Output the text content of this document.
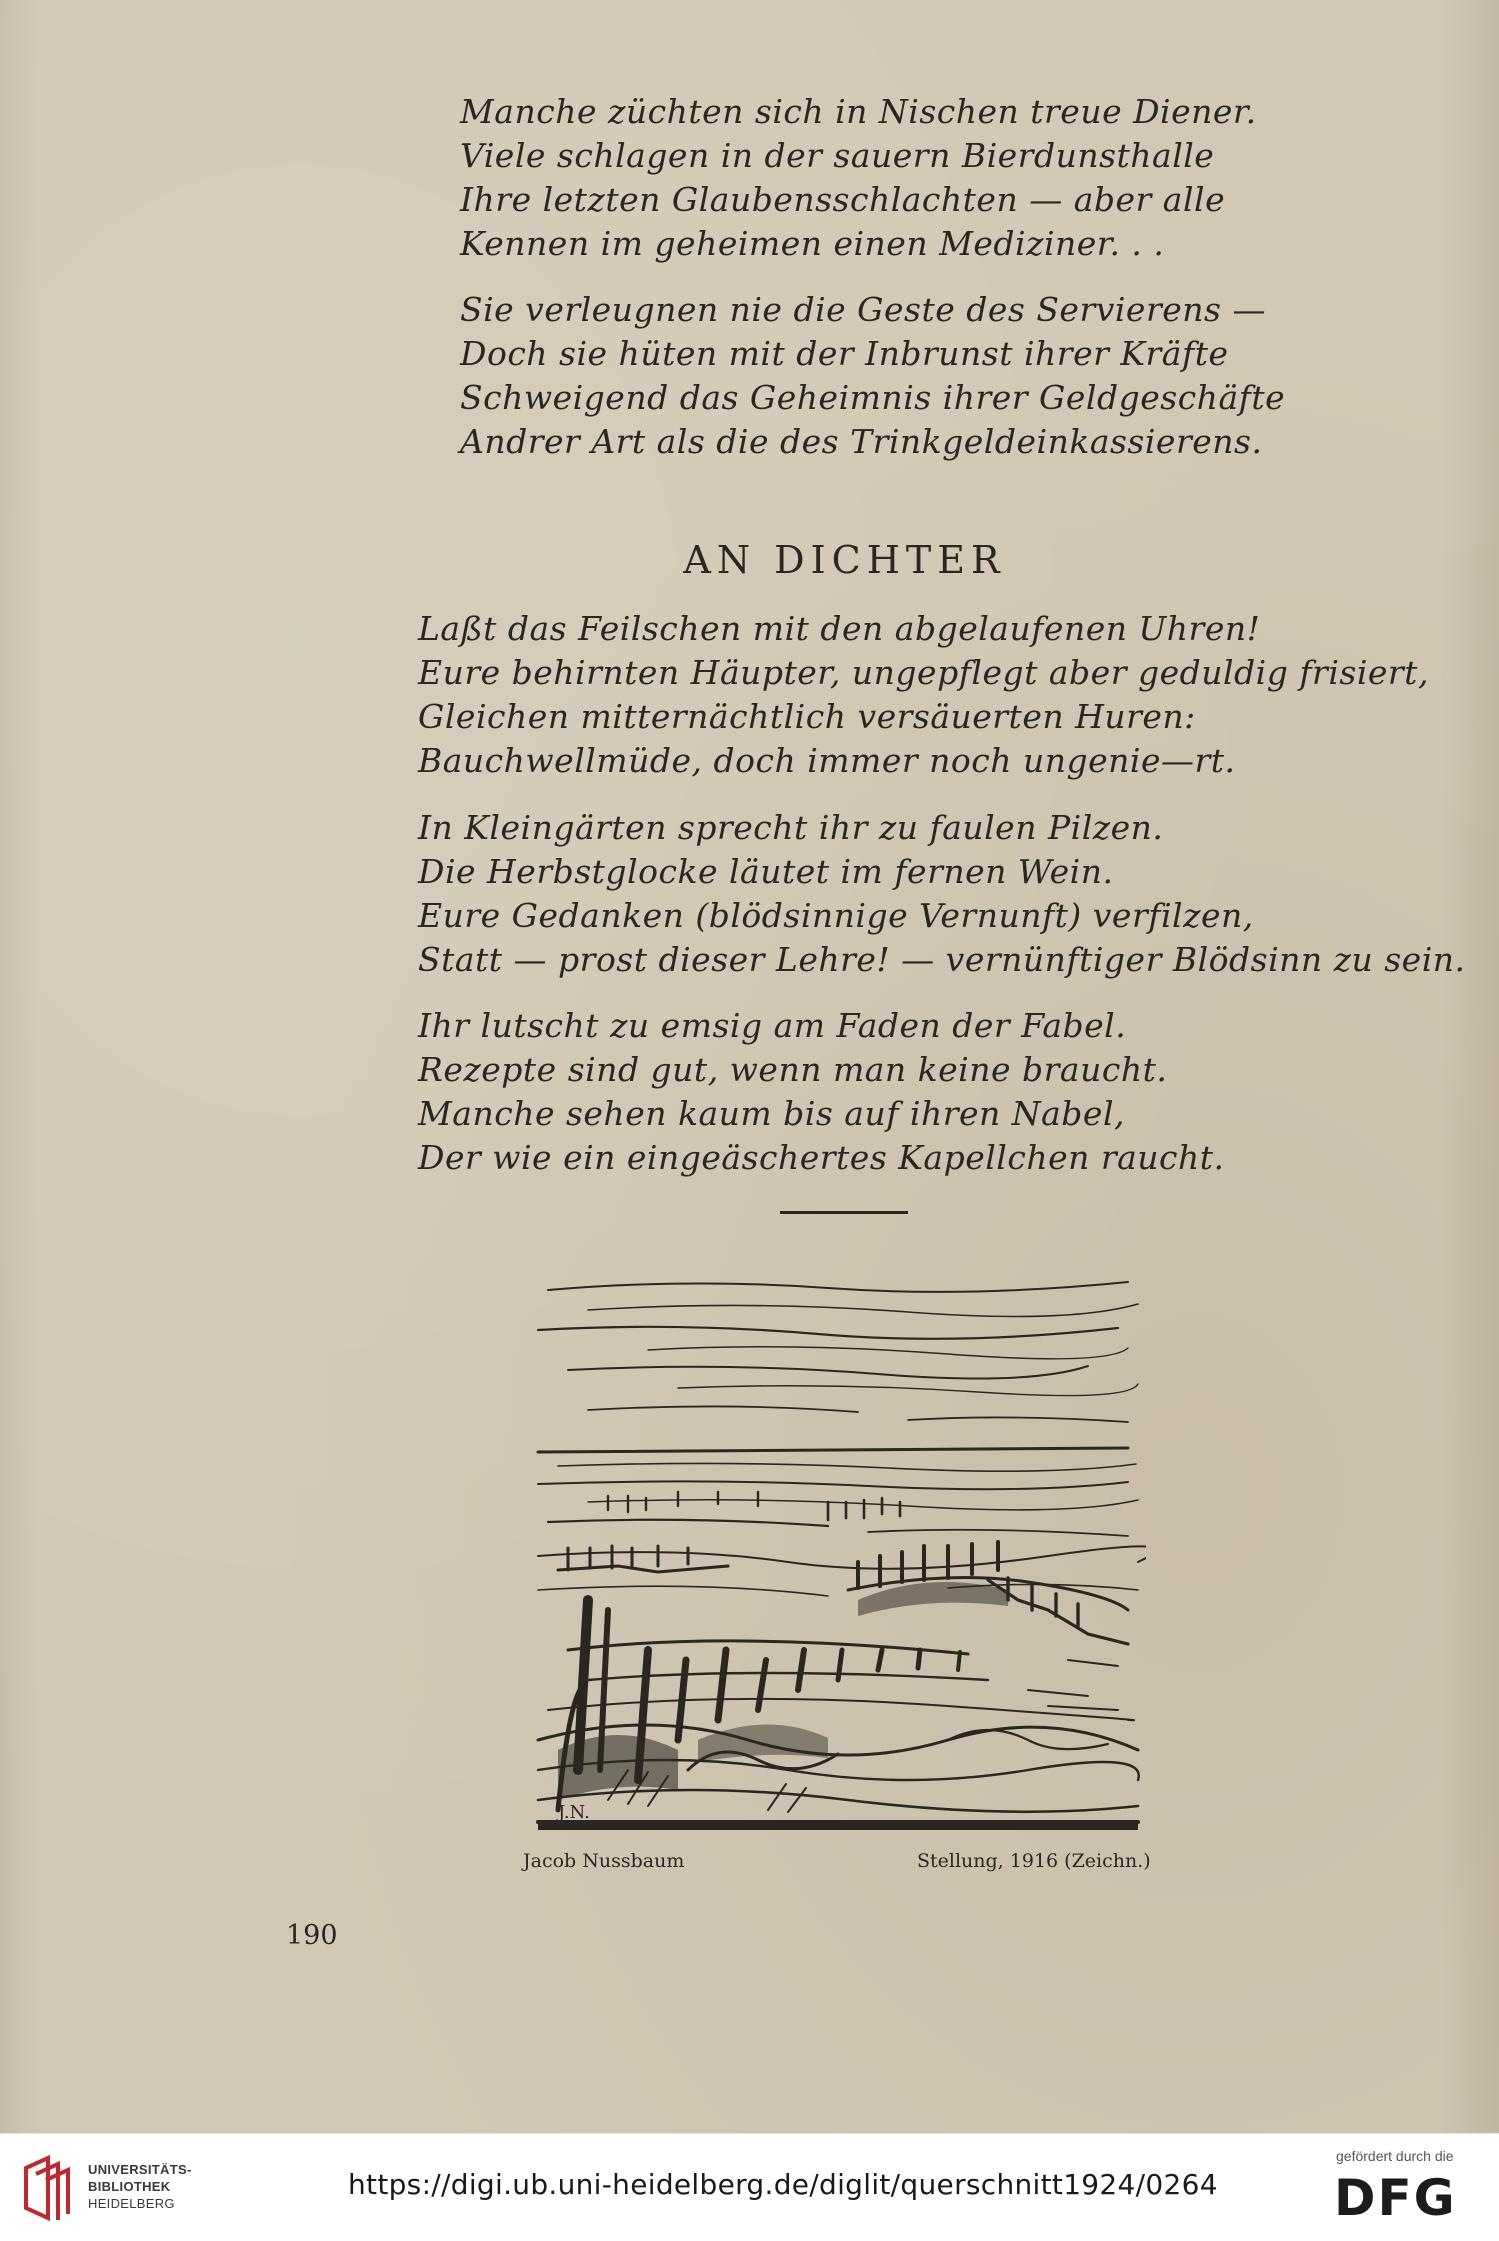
Manche züchten sich in Nischen treue Diener.
Viele schlagen in der sauern Bierdunsthalle
Ihre letzten Glaubensschlachten — aber alle
Kennen im geheimen einen Mediziner. . .
Sie verleugnen nie die Geste des Servierens —
Doch sie hüten mit der Inbrunst ihrer Kräfte
Schweigend das Geheimnis ihrer Geldgeschäfte
Andrer Art als die des Trinkgeldeinkassierens.
AN DICHTER
Laßt das Feilschen mit den abgelaufenen Uhren!
Eure behirnten Häupter, ungepflegt aber geduldig frisiert,
Gleichen mitternächtlich versäuerten Huren:
Bauchwellmüde, doch immer noch ungenie—rt.
In Kleingärten sprecht ihr zu faulen Pilzen.
Die Herbstglocke läutet im fernen Wein.
Eure Gedanken (blödsinnige Vernunft) verfilzen,
Statt — prost dieser Lehre! — vernünftiger Blödsinn zu sein.
Ihr lutscht zu emsig am Faden der Fabel.
Rezepte sind gut, wenn man keine braucht.
Manche sehen kaum bis auf ihren Nabel,
Der wie ein eingeäschertes Kapellchen raucht.
J.N.
Jacob Nussbaum	Stellung, 1916 (Zeichn.)
190
UNIVERSITÄTS-
BIBLIOTHEK
HEIDELBERG
https://digi.ub.uni-heidelberg.de/diglit/querschnitt1924/0264
gefördert durch die
DFG
